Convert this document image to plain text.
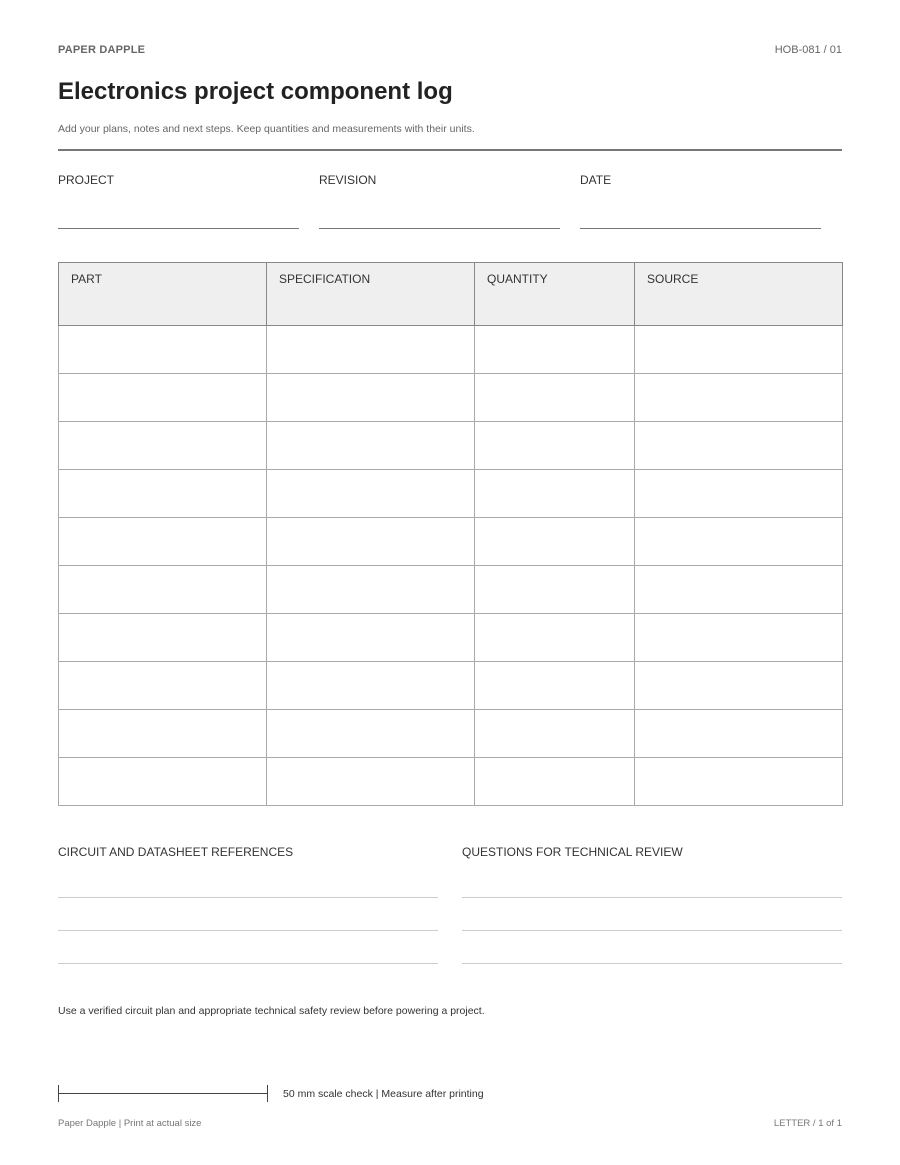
PAPER DAPPLE	HOB-081 / 01
Electronics project component log
Add your plans, notes and next steps. Keep quantities and measurements with their units.
PROJECT	REVISION	DATE
PART	SPECIFICATION	QUANTITY	SOURCE

CIRCUIT AND DATASHEET REFERENCES	QUESTIONS FOR TECHNICAL REVIEW
Use a verified circuit plan and appropriate technical safety review before powering a project.
50 mm scale check | Measure after printing
Paper Dapple | Print at actual size	LETTER / 1 of 1
